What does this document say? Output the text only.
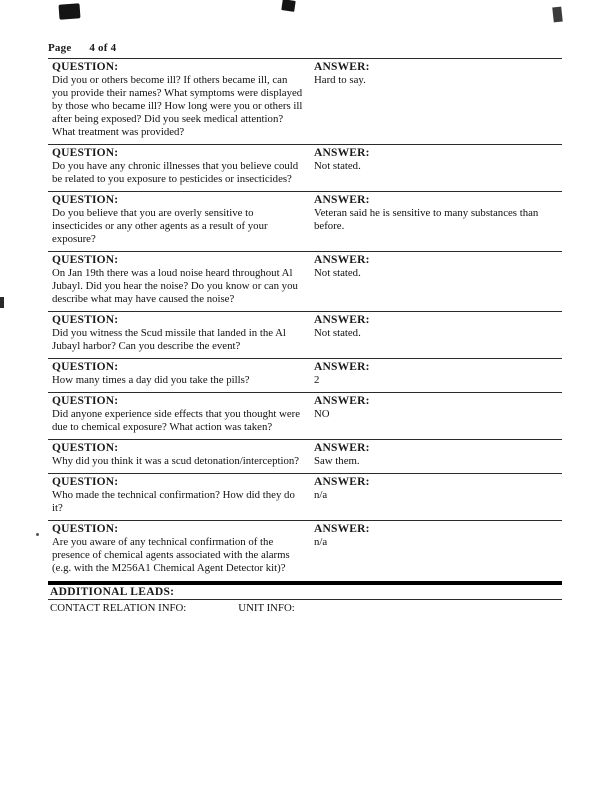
Page 4 of 4
QUESTION:
Did you or others become ill? If others became ill, can you provide their names? What symptoms were displayed by those who became ill? How long were you or others ill after being exposed? Did you seek medical attention? What treatment was provided?
ANSWER:
Hard to say.
QUESTION:
Do you have any chronic illnesses that you believe could be related to you exposure to pesticides or insecticides?
ANSWER:
Not stated.
QUESTION:
Do you believe that you are overly sensitive to insecticides or any other agents as a result of your exposure?
ANSWER:
Veteran said he is sensitive to many substances than before.
QUESTION:
On Jan 19th there was a loud noise heard throughout Al Jubayl. Did you hear the noise? Do you know or can you describe what may have caused the noise?
ANSWER:
Not stated.
QUESTION:
Did you witness the Scud missile that landed in the Al Jubayl harbor? Can you describe the event?
ANSWER:
Not stated.
QUESTION:
How many times a day did you take the pills?
ANSWER:
2
QUESTION:
Did anyone experience side effects that you thought were due to chemical exposure? What action was taken?
ANSWER:
NO
QUESTION:
Why did you think it was a scud detonation/interception?
ANSWER:
Saw them.
QUESTION:
Who made the technical confirmation? How did they do it?
ANSWER:
n/a
QUESTION:
Are you aware of any technical confirmation of the presence of chemical agents associated with the alarms (e.g. with the M256A1 Chemical Agent Detector kit)?
ANSWER:
n/a
ADDITIONAL LEADS:
CONTACT RELATION INFO:	UNIT INFO:
